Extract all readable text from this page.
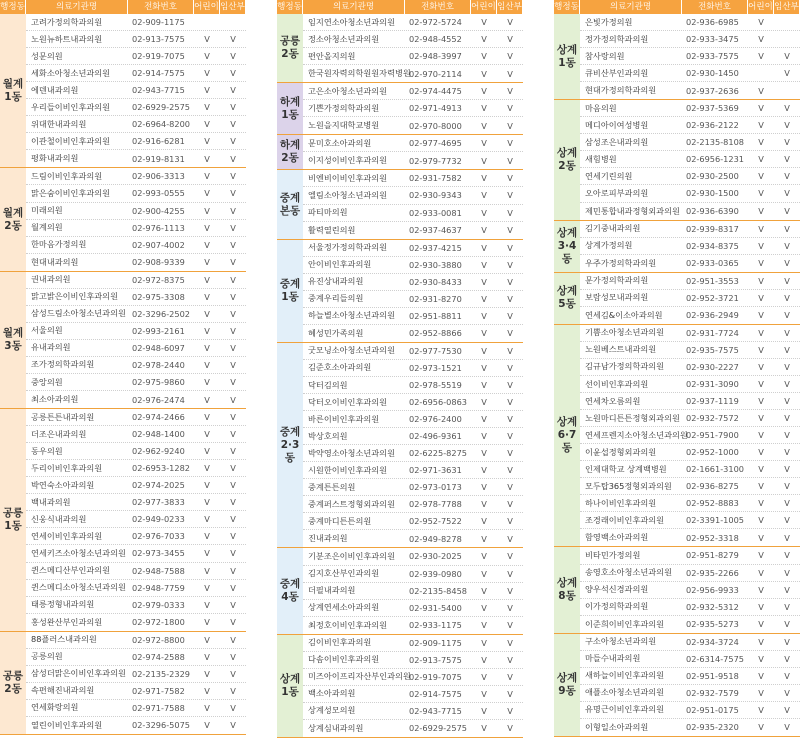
행정동	의료기관명	전화번호	어린이 임산부
월계
1동
고려가정의학과의원	02-909-1175
노원뉴하트내과의원	02-913-7575	V	V
성문의원	02-919-7075	V	V
세화소아청소년과의원	02-914-7575	V	V
에덴내과의원	02-943-7715	V	V
우리들이비인후과의원	02-6929-2575	V	V
위대한내과의원	02-6964-8200	V	V
이관철이비인후과의원	02-916-6281	V	V
평화내과의원	02-919-8131	V	V
월계
2동
드림이비인후과의원	02-906-3313	V	V
맑은숨이비인후과의원	02-993-0555	V	V
미래의원	02-900-4255	V	V
월계의원	02-976-1113	V	V
한마음가정의원	02-907-4002	V	V
현대내과의원	02-908-9339	V	V
월계
3동
권내과의원	02-972-8375	V	V
맑고밝은이비인후과의원	02-975-3308	V	V
삼성드림소아청소년과의원 02-3296-2502	V	V
서울의원	02-993-2161	V	V
유내과의원	02-948-6097	V	V
조가정의학과의원	02-978-2440	V	V
중앙의원	02-975-9860	V	V
최소아과의원	02-976-2474	V	V
공릉
1동
공릉튼튼내과의원	02-974-2466	V	V
더조은내과의원	02-948-1400	V	V
동우의원	02-962-9240	V	V
두리이비인후과의원	02-6953-1282	V	V
박연숙소아과의원	02-974-2025	V	V
백내과의원	02-977-3833	V	V
신웅식내과의원	02-949-0233	V	V
연세이비인후과의원	02-976-7033	V	V
연세키즈소아청소년과의원 02-973-3455	V	V
퀸스메디산부인과의원	02-948-7588	V	V
퀸스메디소아청소년과의원 02-948-7759	V	V
태릉정형내과의원	02-979-0333	V	V
홍성완산부인과의원	02-972-1800	V	V
공릉
2동
88플러스내과의원	02-972-8800	V	V
공릉의원	02-974-2588	V	V
삼성더맑은이비인후과의원 02-2135-2329	V	V
속편해진내과의원	02-971-7582	V	V
연세화랑의원	02-971-7588	V	V
열린이비인후과의원	02-3296-5075	V	V
행정동	의료기관명	전화번호	어린이 임산부
공릉
2동
임지연소아청소년과의원	02-972-5724	V	V
정소아청소년과의원	02-948-4552	V	V
편안올지의원	02-948-3997	V	V
한국원자력의학원원자력병원
02-970-2114	V	V
하계
1동
고은소아청소년과의원	02-974-4475	V	V
기쁜가정의학과의원	02-971-4913	V	V
노원을지대학교병원	02-970-8000	V	V
하계
2동
문미호소아과의원	02-977-4695	V	V
이지성이비인후과의원	02-979-7732	V	V
중계
본동
비엔비이비인후과의원	02-931-7582	V	V
엘림소아청소년과의원	02-930-9343	V	V
파티마의원	02-933-0081	V	V
활력열린의원	02-937-4637	V	V
중계
1동
서울정가정의학과의원	02-937-4215	V	V
안이비인후과의원	02-930-3880	V	V
유진상내과의원	02-930-8433	V	V
중계우리들의원	02-931-8270	V	V
하늘별소아청소년과의원	02-951-8811	V	V
혜성민가족의원	02-952-8866	V	V
중계
2·3동
굿모닝소아청소년과의원	02-977-7530	V	V
김준호소아과의원	02-973-1521	V	V
닥터김의원	02-978-5519	V	V
닥터오이비인후과의원	02-6956-0863	V	V
바른이비인후과의원	02-976-2400	V	V
박상호의원	02-496-9361	V	V
박약영소아청소년과의원	02-6225-8275	V	V
시원한이비인후과의원	02-971-3631	V	V
중계튼튼의원	02-973-0173	V	V
중계퍼스트정형외과의원	02-978-7788	V	V
중계마디튼튼의원	02-952-7522	V	V
진내과의원	02-949-8278	V	V
중계
4동
기분조은이비인후과의원	02-930-2025	V	V
김지호산부인과의원	02-939-0980	V	V
더필내과의원	02-2135-8458	V	V
상계연세소아과의원	02-931-5400	V	V
최정호이비인후과의원	02-933-1175	V	V
상계
1동
김이비인후과의원	02-909-1175	V	V
다솜이비인후과의원	02-913-7575	V	V
미즈아이프리자산부인과의원
02-919-7075	V	V
백소아과의원	02-914-7575	V	V
상계성모의원	02-943-7715	V	V
상계심내과의원	02-6929-2575	V	V
행정동	의료기관명	전화번호	어린이 임산부
상계
1동
은빛가정의원	02-936-6985	V
정가정의학과의원	02-933-3475	V
참사랑의원	02-933-7575	V	V
큐비산부인과의원	02-930-1450	V
현대가정의학과의원	02-937-2636	V
상계
2동
마음의원	02-937-5369	V	V
메디아이여성병원	02-936-2122	V	V
삼성조은내과의원	02-2135-8108	V	V
새힘병원	02-6956-1231	V	V
연세기린의원	02-930-2500	V	V
오아로피부과의원	02-930-1500	V	V
제민통합내과정형외과의원 02-936-6390	V	V
상계
3·4동
김기중내과의원	02-939-8317	V	V
상계가정의원	02-934-8375	V	V
우주가정의학과의원	02-933-0365	V	V
상계
5동
문가정의학과의원	02-951-3553	V	V
보람성모내과의원	02-952-3721	V	V
연세김&이소아과의원	02-936-2949	V	V
상계
6·7동
기쁨소아청소년과의원	02-931-7724	V	V
노원베스트내과의원	02-935-7575	V	V
김규남가정의학과의원	02-930-2227	V	V
선이비인후과의원	02-931-3090	V	V
연세차오름의원	02-937-1119	V	V
노원마디튼튼정형외과의원 02-932-7572	V	V
연세프렌지소아청소년과의원
02-951-7900	V	V
이윤섭정형외과의원	02-952-1000	V	V
인제대학교 상계백병원	02-1661-3100	V	V
모두탑365정형외과의원	02-936-8275	V	V
하나이비인후과의원	02-952-8883	V	V
조경래이비인후과의원	02-3391-1005	V	V
함영백소아과의원	02-952-3318	V	V
상계
8동
비타민가정의원	02-951-8279	V	V
송영호소아청소년과의원	02-935-2266	V	V
양우석신경과의원	02-956-9933	V	V
이가정의학과의원	02-932-5312	V	V
이준희이비인후과의원	02-935-5273	V	V
상계
9동
구소아청소년과의원	02-934-3724	V	V
마들수내과의원	02-6314-7575	V	V
새하늘이비인후과의원	02-951-9518	V	V
애플소아청소년과의원	02-932-7579	V	V
유명근이비인후과의원	02-951-0175	V	V
이형일소아과의원	02-935-2320	V	V
